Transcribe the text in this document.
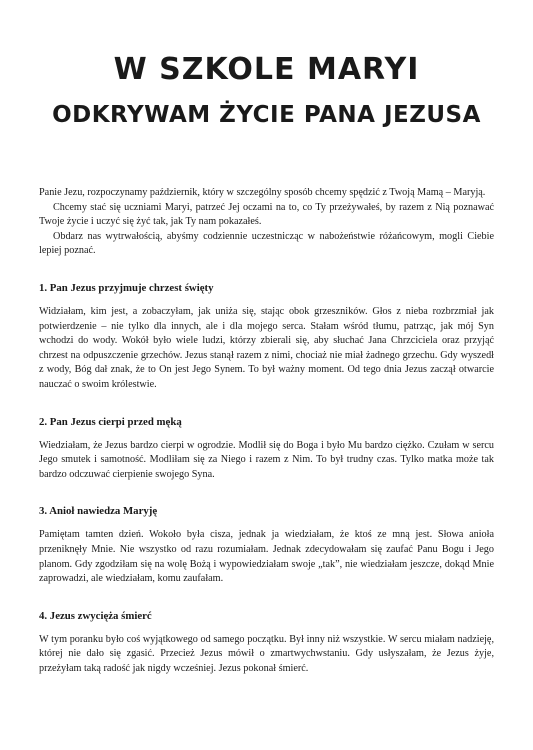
W SZKOLE MARYI
ODKRYWAM ŻYCIE PANA JEZUSA

Panie Jezu, rozpoczynamy październik, który w szczególny sposób chcemy spędzić z Twoją Mamą – Maryją.

Chcemy stać się uczniami Maryi, patrzeć Jej oczami na to, co Ty przeżywałeś, by razem z Nią poznawać Twoje życie i uczyć się żyć tak, jak Ty nam pokazałeś.

Obdarz nas wytrwałością, abyśmy codziennie uczestnicząc w nabożeństwie różańcowym, mogli Ciebie lepiej poznać.

1. Pan Jezus przyjmuje chrzest święty

Widziałam, kim jest, a zobaczyłam, jak uniża się, stając obok grzeszników. Głos z nieba rozbrzmiał jak potwierdzenie – nie tylko dla innych, ale i dla mojego serca. Stałam wśród tłumu, patrząc, jak mój Syn wchodzi do wody. Wokół było wiele ludzi, którzy zbierali się, aby słuchać Jana Chrzciciela oraz przyjąć chrzest na odpuszczenie grzechów. Jezus stanął razem z nimi, chociaż nie miał żadnego grzechu. Gdy wyszedł z wody, Bóg dał znak, że to On jest Jego Synem. To był ważny moment. Od tego dnia Jezus zaczął otwarcie nauczać o swoim królestwie.

2. Pan Jezus cierpi przed męką

Wiedziałam, że Jezus bardzo cierpi w ogrodzie. Modlił się do Boga i było Mu bardzo ciężko. Czułam w sercu Jego smutek i samotność. Modliłam się za Niego i razem z Nim. To był trudny czas. Tylko matka może tak bardzo odczuwać cierpienie swojego Syna.

3. Anioł nawiedza Maryję

Pamiętam tamten dzień. Wokoło była cisza, jednak ja wiedziałam, że ktoś ze mną jest. Słowa anioła przeniknęły Mnie. Nie wszystko od razu rozumiałam. Jednak zdecydowałam się zaufać Panu Bogu i Jego planom. Gdy zgodziłam się na wolę Bożą i wypowiedziałam swoje „tak”, nie wiedziałam jeszcze, dokąd Mnie zaprowadzi, ale wiedziałam, komu zaufałam.

4. Jezus zwycięża śmierć

W tym poranku było coś wyjątkowego od samego początku. Był inny niż wszystkie. W sercu miałam nadzieję, której nie dało się zgasić. Przecież Jezus mówił o zmartwychwstaniu. Gdy usłyszałam, że Jezus żyje, przeżyłam taką radość jak nigdy wcześniej. Jezus pokonał śmierć.
